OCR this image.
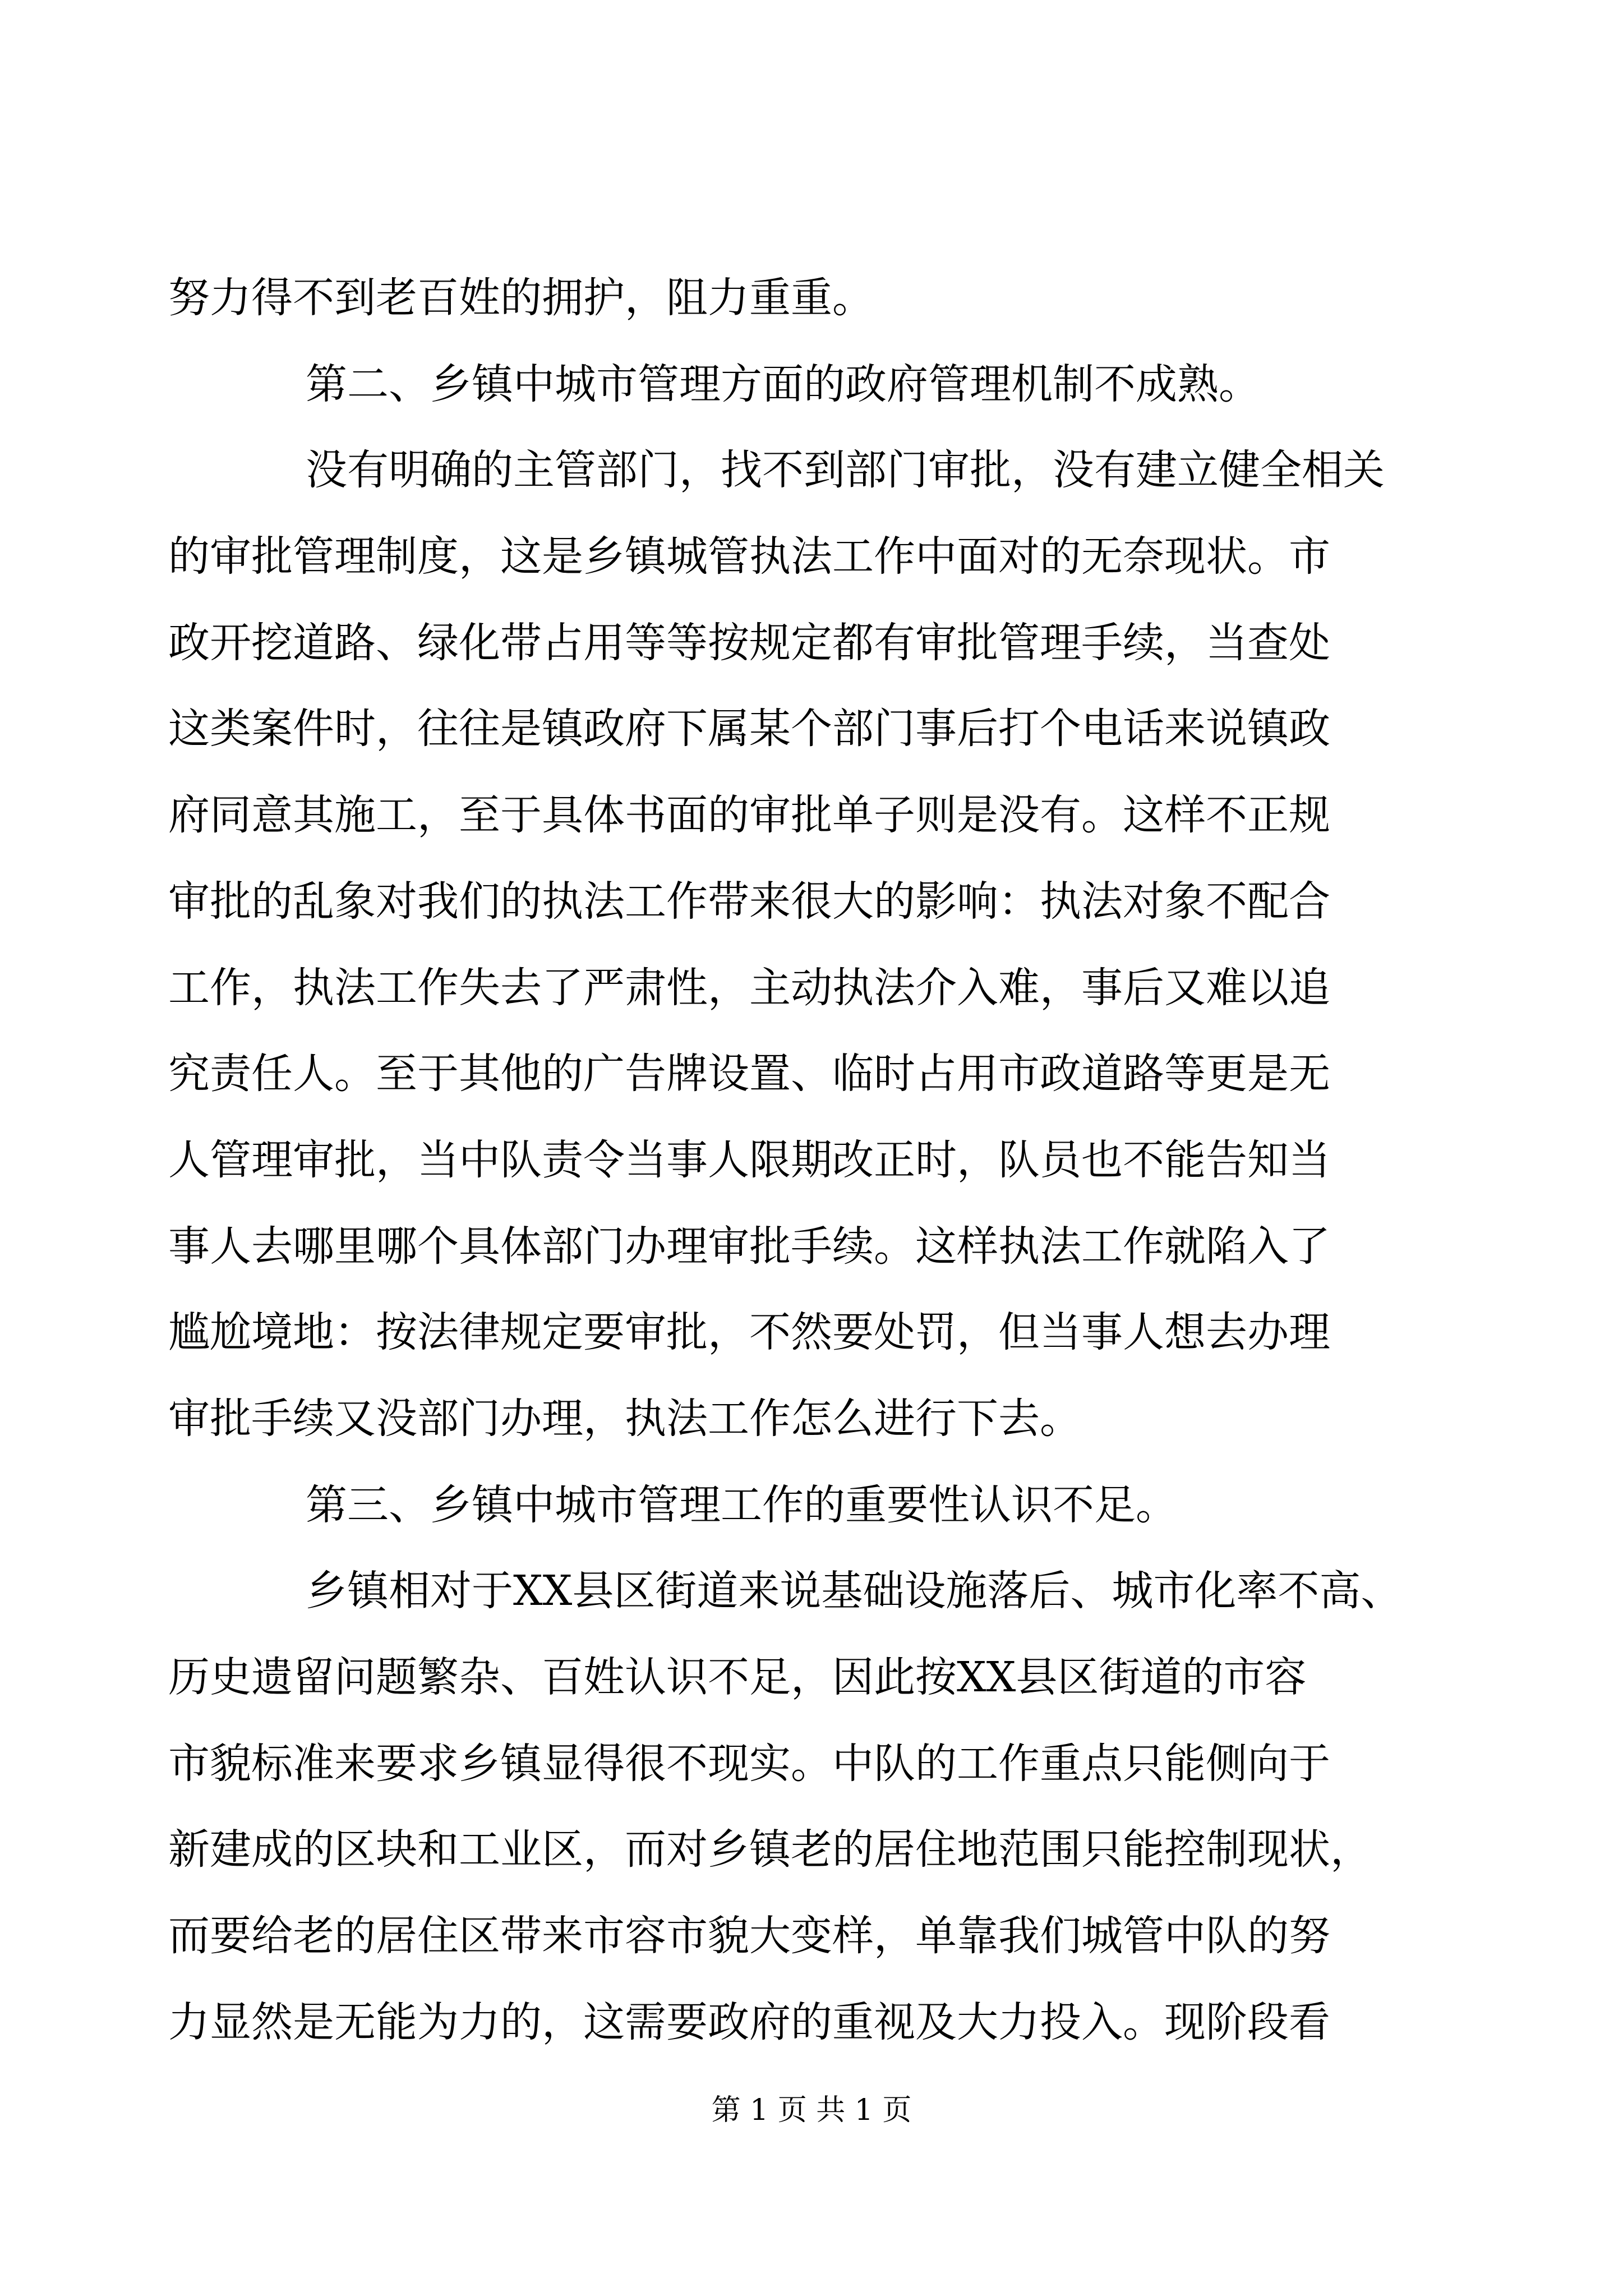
努力得不到老百姓的拥护，阻力重重。
第二、乡镇中城市管理方面的政府管理机制不成熟。
没有明确的主管部门，找不到部门审批，没有建立健全相关
的审批管理制度，这是乡镇城管执法工作中面对的无奈现状。市
政开挖道路、绿化带占用等等按规定都有审批管理手续，当查处
这类案件时，往往是镇政府下属某个部门事后打个电话来说镇政
府同意其施工，至于具体书面的审批单子则是没有。这样不正规
审批的乱象对我们的执法工作带来很大的影响：执法对象不配合
工作，执法工作失去了严肃性，主动执法介入难，事后又难以追
究责任人。至于其他的广告牌设置、临时占用市政道路等更是无
人管理审批，当中队责令当事人限期改正时，队员也不能告知当
事人去哪里哪个具体部门办理审批手续。这样执法工作就陷入了
尴尬境地：按法律规定要审批，不然要处罚，但当事人想去办理
审批手续又没部门办理，执法工作怎么进行下去。
第三、乡镇中城市管理工作的重要性认识不足。
乡镇相对于XX县区街道来说基础设施落后、城市化率不高、
历史遗留问题繁杂、百姓认识不足，因此按XX县区街道的市容
市貌标准来要求乡镇显得很不现实。中队的工作重点只能侧向于
新建成的区块和工业区，而对乡镇老的居住地范围只能控制现状，
而要给老的居住区带来市容市貌大变样，单靠我们城管中队的努
力显然是无能为力的，这需要政府的重视及大力投入。现阶段看
第 1 页 共 1 页
